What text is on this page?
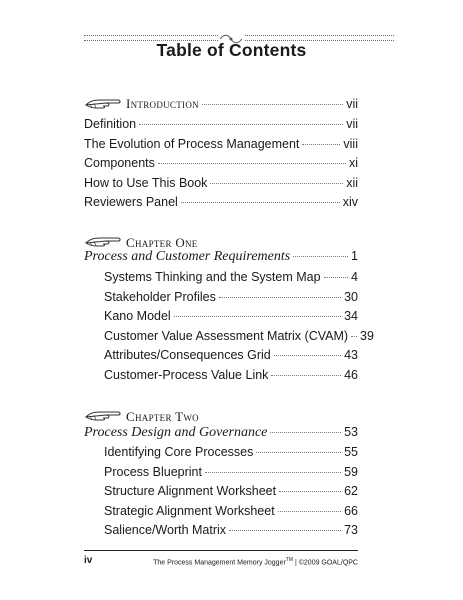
Table of Contents
Introduction	vii
Definition	vii
The Evolution of Process Management	viii
Components	xi
How to Use This Book	xii
Reviewers Panel	xiv
Chapter One
Process and Customer Requirements	1
Systems Thinking and the System Map 4
Stakeholder Profiles	30
Kano Model	34
Customer Value Assessment Matrix (CVAM) 39
Attributes/Consequences Grid	43
Customer-Process Value Link	46
Chapter Two
Process Design and Governance	53
Identifying Core Processes	55
Process Blueprint	59
Structure Alignment Worksheet	62
Strategic Alignment Worksheet	66
Salience/Worth Matrix	73
iv	The Process Management Memory Jogger™ | ©2009 GOAL/QPC
